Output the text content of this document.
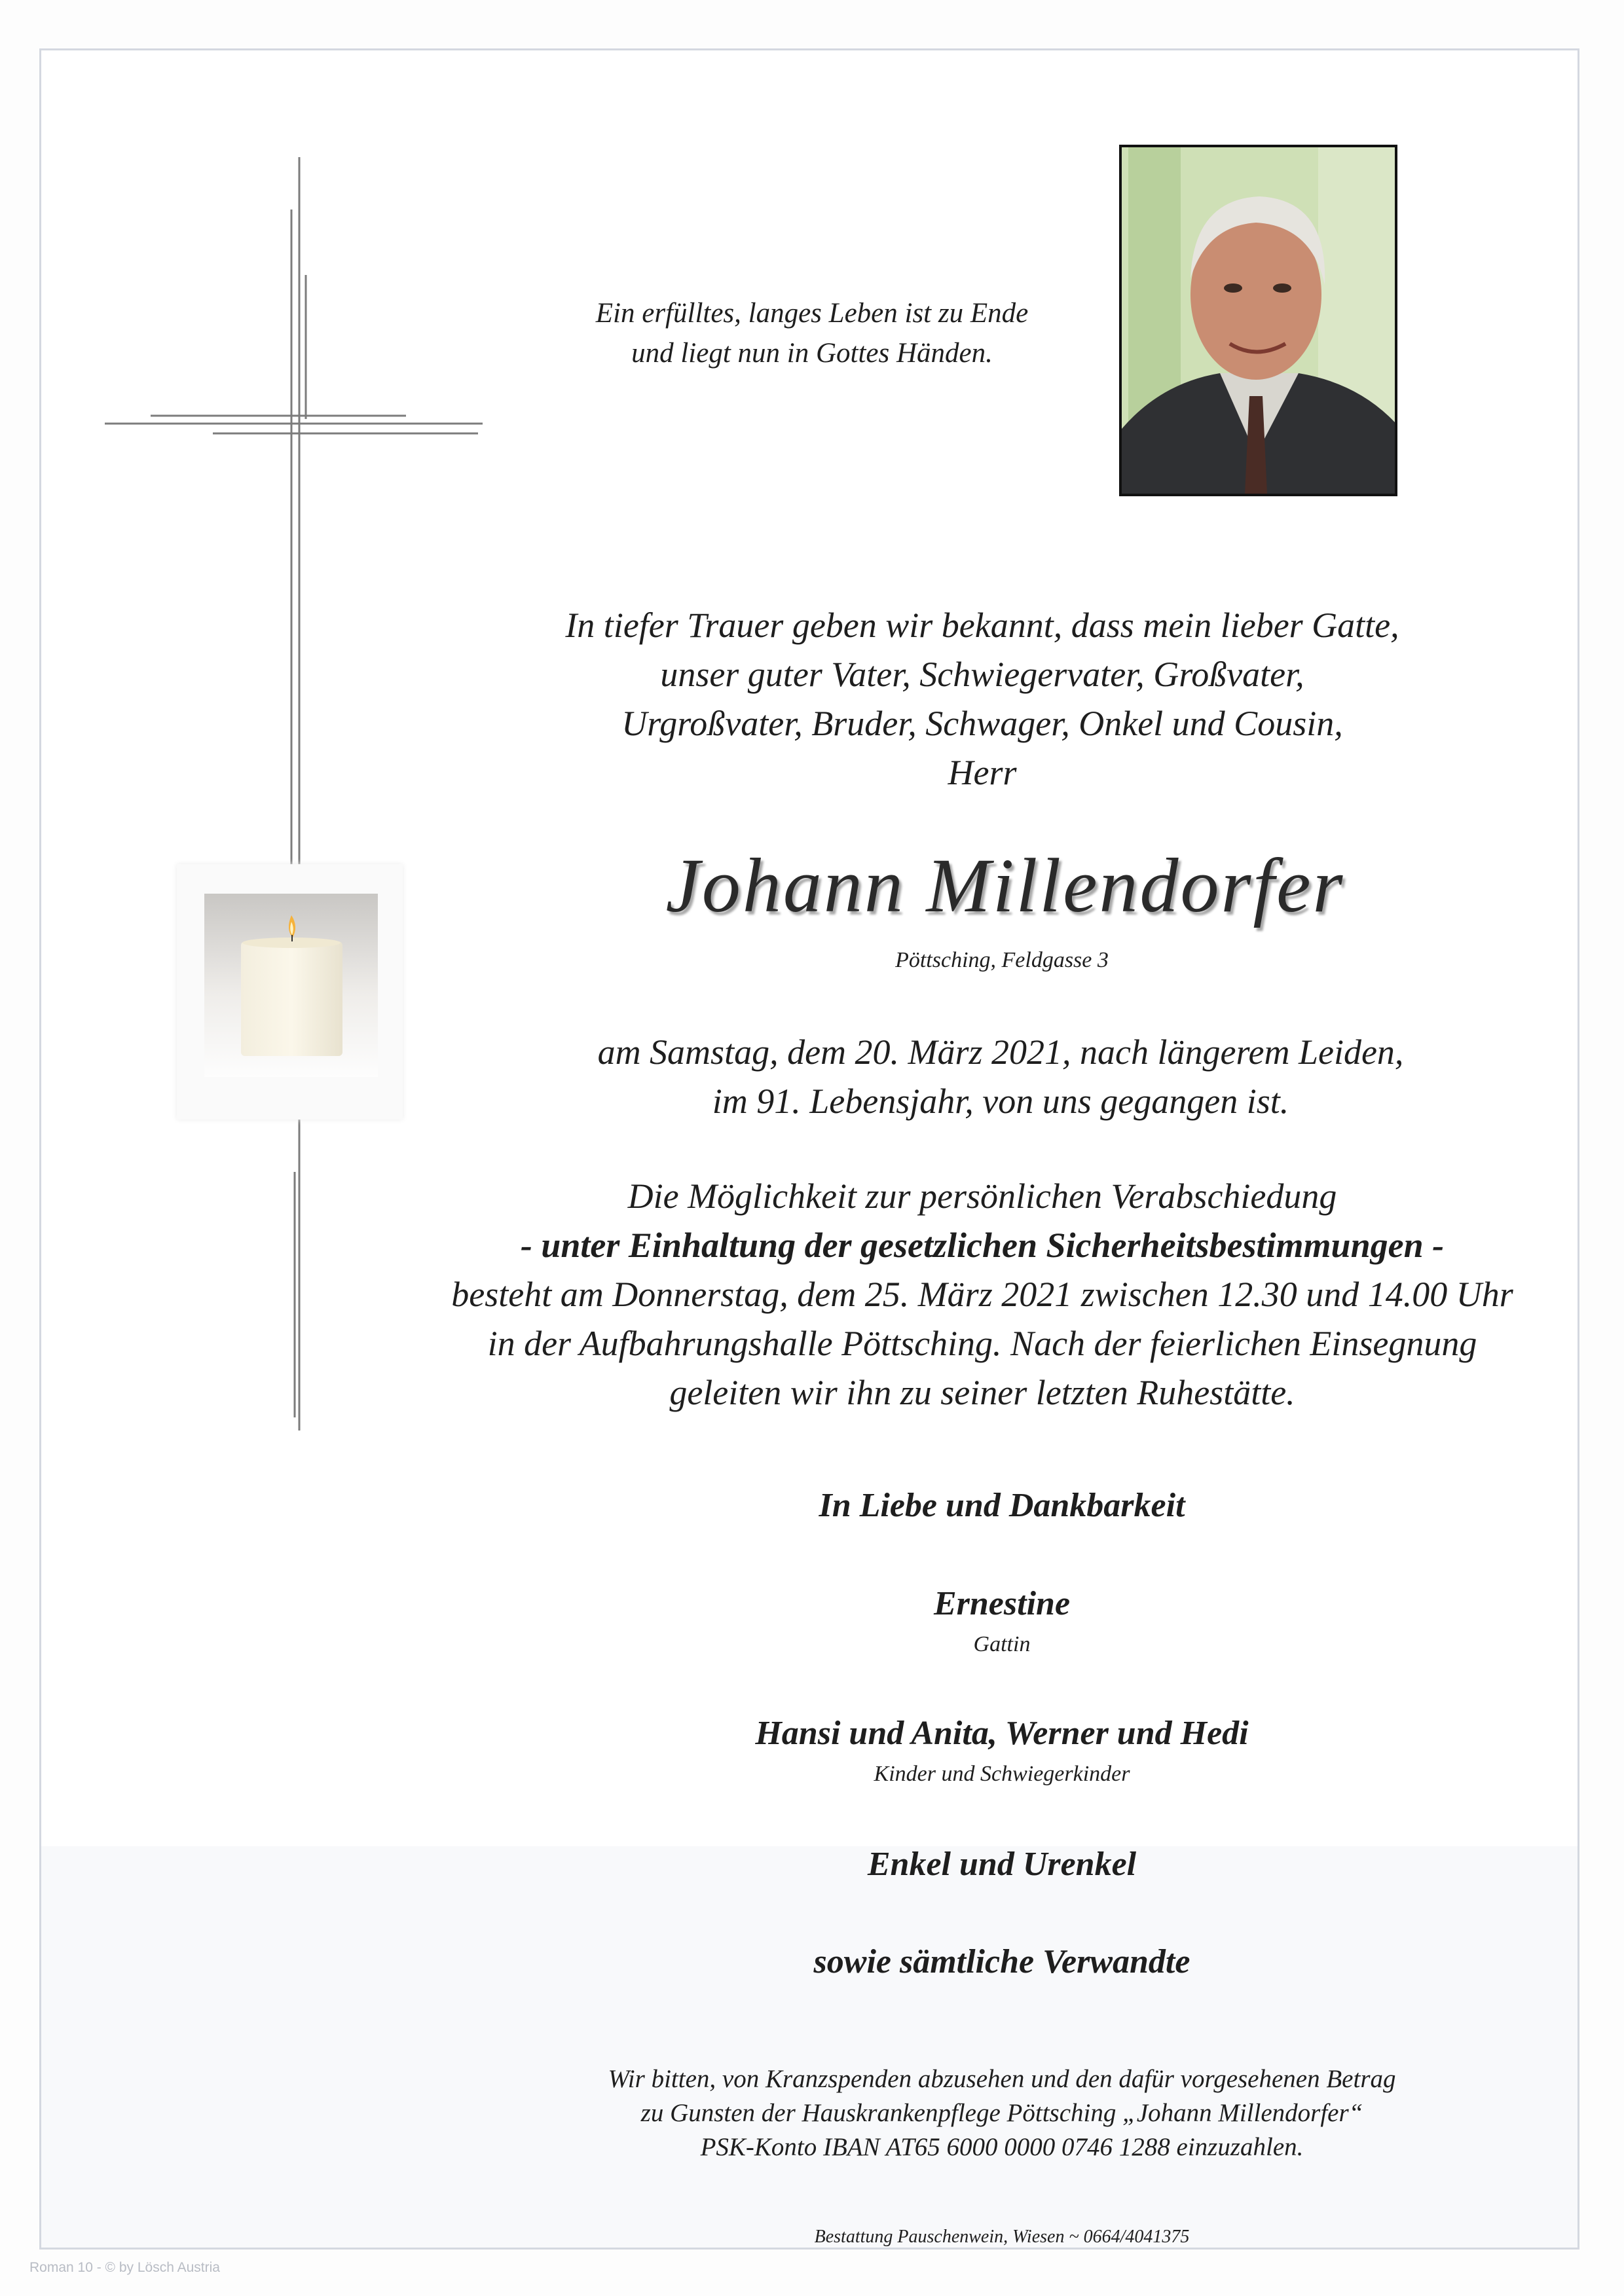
Ein erfülltes, langes Leben ist zu Ende
und liegt nun in Gottes Händen.
In tiefer Trauer geben wir bekannt, dass mein lieber Gatte,
unser guter Vater, Schwiegervater, Großvater,
Urgroßvater, Bruder, Schwager, Onkel und Cousin,
Herr
Johann Millendorfer
Pöttsching, Feldgasse 3
am Samstag, dem 20. März 2021, nach längerem Leiden,
im 91. Lebensjahr, von uns gegangen ist.
Die Möglichkeit zur persönlichen Verabschiedung
- unter Einhaltung der gesetzlichen Sicherheitsbestimmungen -
besteht am Donnerstag, dem 25. März 2021 zwischen 12.30 und 14.00 Uhr
in der Aufbahrungshalle Pöttsching. Nach der feierlichen Einsegnung
geleiten wir ihn zu seiner letzten Ruhestätte.
In Liebe und Dankbarkeit
Ernestine
Gattin
Hansi und Anita, Werner und Hedi
Kinder und Schwiegerkinder
Enkel und Urenkel
sowie sämtliche Verwandte
Wir bitten, von Kranzspenden abzusehen und den dafür vorgesehenen Betrag
zu Gunsten der Hauskrankenpflege Pöttsching „Johann Millendorfer“
PSK-Konto IBAN AT65 6000 0000 0746 1288 einzuzahlen.
Bestattung Pauschenwein, Wiesen ~ 0664/4041375
Roman 10 - © by Lösch Austria
